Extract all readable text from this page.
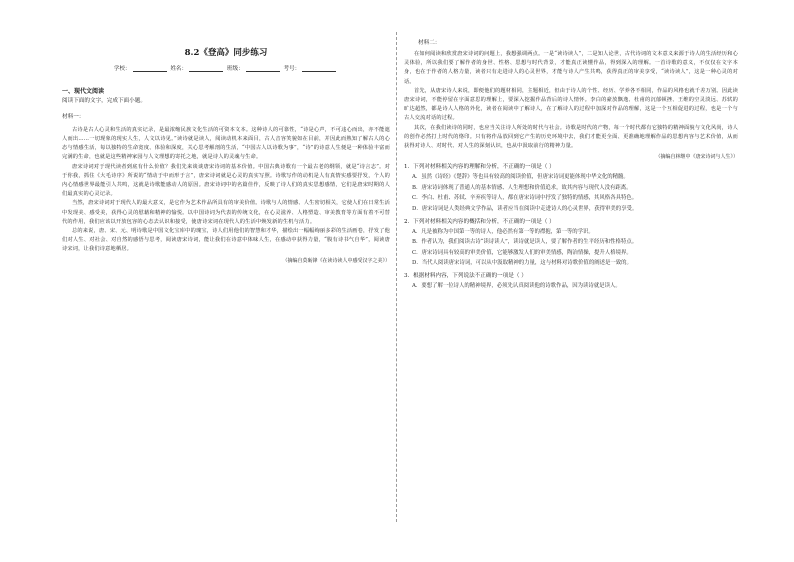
8.2《登高》同步练习
学校：	姓名：	班级：	考号：
一、现代文阅读
阅读下面的文字，完成下面小题。
材料一：

古诗是古人心灵和生活的真实记录，是最浓缩民族文化生活的可资本文本。这种诗人的可靠性，“诗是心声，不可违心而出，亦不能遮人而出……一切现象的现实人生，人文以诗见。”读诗就是读人，阅读动机本来面目，古人音容笑貌如在目前，并因此而熟知了解古人的心态与情感生活，每以独特的生命宽度、体验和深度，关心思考解剖的生活，“中国古人以诗歌为事”，“诗”的诗意人生便是一种体验丰富而完满的生命，也就是这些精神家园与人文理想的寄托之地，就是诗人的灵魂与生命。

唐宋诗词对于现代读者到底有什么价值？我们先来谈谈唐宋诗词的基本价值。中国古典诗歌有一个最古老的纲领，就是“诗言志”。对于你我，抓住《大毛诗序》所说的“情动于中而形于言”，唐宋诗词就是心灵的真实写照。诗歌写作的动机是人有真情实感要抒发，个人的内心情感世界最能引人共鸣，这就是诗歌能感动人的原因。唐宋诗词中的名篇佳作，反映了诗人们的真实思想感情，它们是唐宋时期的人们最真实的心灵记录。

当然，唐宋诗词对于现代人的最大意义，是它作为艺术作品所具有的审美价值。诗歌与人的情感、人生密切相关，它使人们在日常生活中发现美、感受美，获得心灵的慰藉和精神的愉悦。以中国诗词为代表的传统文化，在心灵滋养、人格塑造、审美教育等方面有着不可替代的作用，我们应该以开放包容的心态去认识和接受，使唐诗宋词在现代人的生活中焕发新的生机与活力。

总的来说，唐、宋、元、明诗歌是中国文化宝库中的瑰宝，诗人们用他们的智慧和才华，描绘出一幅幅绚丽多彩的生活画卷，抒发了他们对人生、对社会、对自然的感悟与思考，阅读唐宋诗词，能让我们在诗意中体味人生，在感动中获得力量，“腹有诗书气自华”，阅读唐诗宋词，让我们诗意地栖居。

（摘编自莫砺锋《在读诗读人中感受汉字之美》）
材料二：

在如何阅读和欣赏唐宋诗词的问题上，我想强调两点。一是“读诗读人”，二是知人论世，古代诗词的文本意义来源于诗人的生活经历和心灵体验，所以我们要了解作者的身世、性格、思想与时代背景，才能真正读懂作品，得到深入的理解。一首诗歌的意义，不仅仅在文字本身，也在于作者的人格力量，读者只有走进诗人的心灵世界，才能与诗人产生共鸣，获得真正的审美享受，“读诗读人”，这是一种心灵的对话。

首先，从唐宋诗人来说，即便他们的题材相同，主题相近，但由于诗人的个性、经历、学养各不相同，作品的风格也就千差万别。因此读唐宋诗词，不能停留在字面意思的理解上，要深入挖掘作品背后的诗人情怀。李白的豪放飘逸、杜甫的沉郁顿挫、王维的空灵淡远、苏轼的旷达超然，都是诗人人格的外化，读者在阅读中了解诗人，在了解诗人的过程中加深对作品的理解，这是一个互相促进的过程，也是一个与古人交流对话的过程。

其次，在我们读诗的同时，也应当关注诗人所处的时代与社会。诗歌是时代的产物，每一个时代都有它独特的精神面貌与文化风尚，诗人的创作必然打上时代的烙印。只有将作品放回到它产生的历史环境中去，我们才能更全面、更准确地理解作品的思想内容与艺术价值，从而获得对诗人、对时代、对人生的深刻认识，也从中汲取前行的精神力量。

（摘编自林继中《唐宋诗词与人生》）
1．下列对材料相关内容的理解和分析，不正确的一项是（ ）
A．虽然《诗经》《楚辞》等也具有较高的阅读价值，但唐宋诗词更能体现中华文化的精髓。
B．唐宋诗词体现了普通人的基本情感、人生理想和价值追求，故其内容与现代人没有距离。
C．李白、杜甫、苏轼、辛弃疾等诗人，都在唐宋诗词中抒发了独特的情感，其风格各具特色。
D．唐宋诗词是人类经典文学作品，读者应当在阅读中走进诗人的心灵世界，获得审美的享受。
2．下列对材料相关内容的概括和分析，不正确的一项是（ ）
A．凡是被称为中国第一等的诗人，他必然有第一等的襟抱，第一等的学识。
B．作者认为，我们阅读古诗“读诗读人”，读诗就是读人，要了解作者的生平经历和性格特点。
C．唐宋诗词具有较高的审美价值，它能够激发人们的审美情感，陶冶情操，提升人格境界。
D．当代人阅读唐宋诗词，可以从中汲取精神的力量，这与材料对诗歌价值的阐述是一致的。
3．根据材料内容，下列说法不正确的一项是（ ）
A．要想了解一位诗人的精神境界，必须先认真阅读他的诗歌作品，因为读诗就是读人。
